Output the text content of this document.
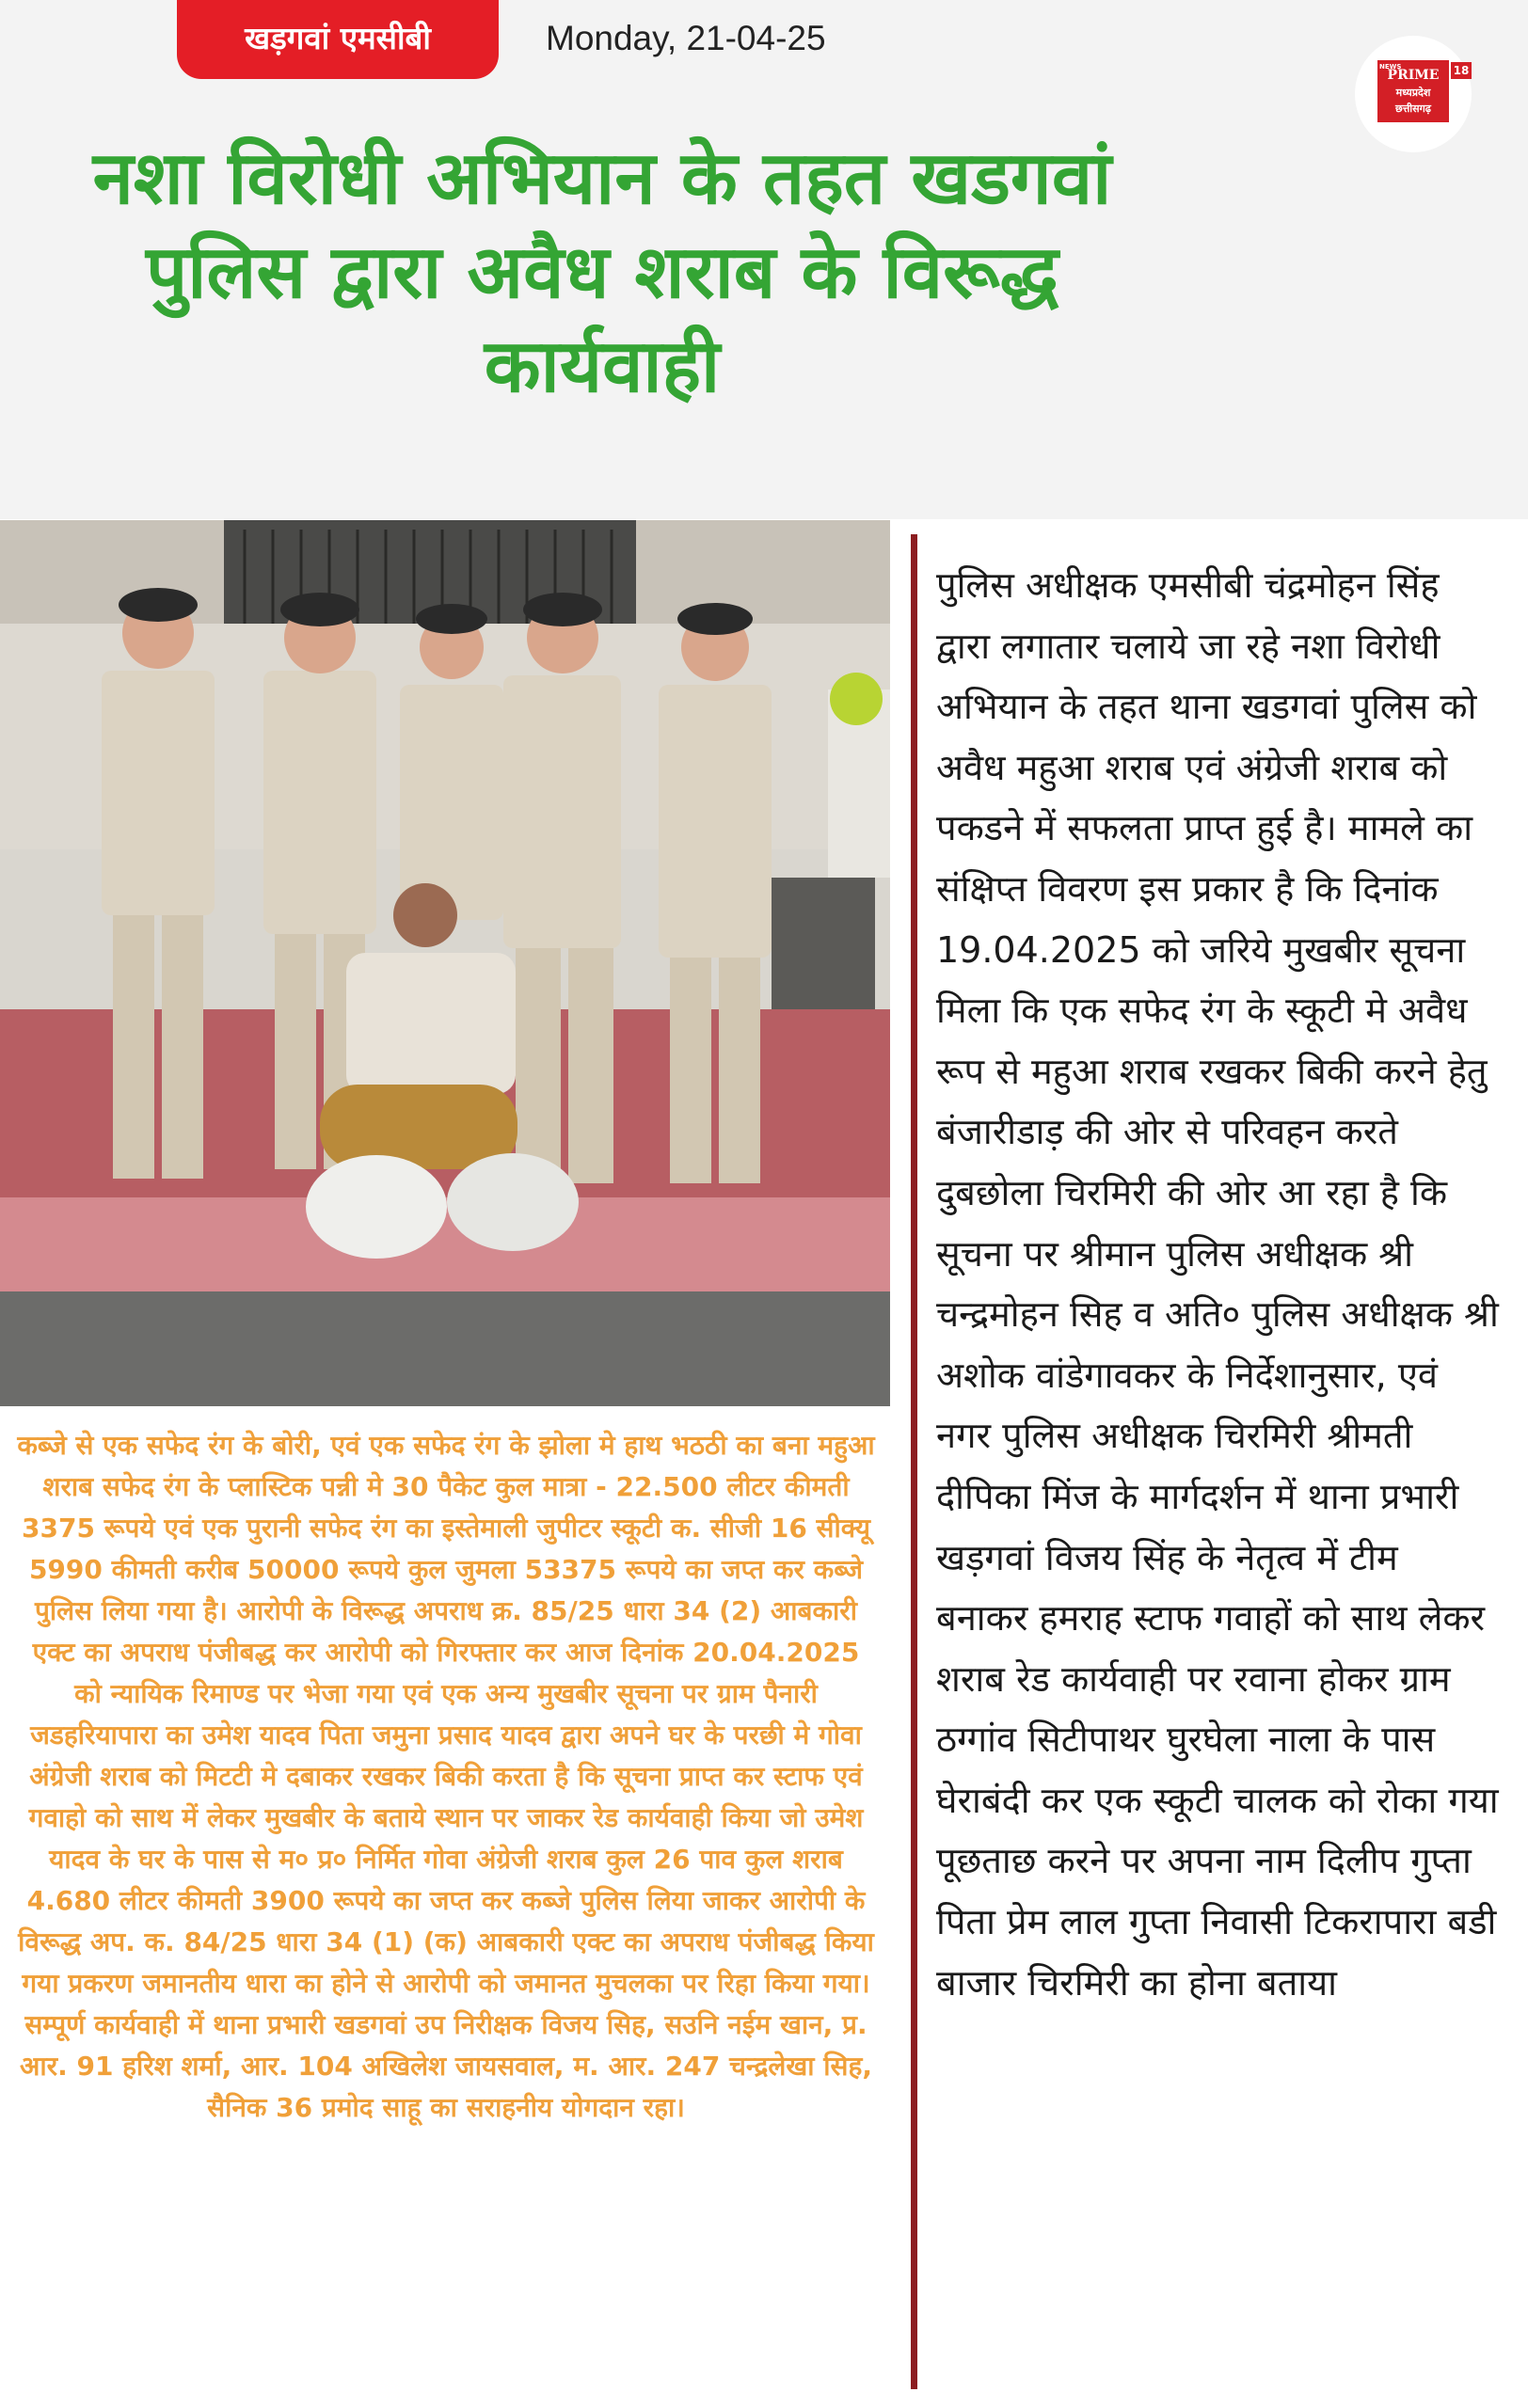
खड़गवां एमसीबी	Monday, 21-04-25
NEWS
PRIME
मध्यप्रदेश
छत्तीसगढ़
18
नशा विरोधी अभियान के तहत खडगवां पुलिस द्वारा अवैध शराब के विरूद्ध कार्यवाही

कब्जे से एक सफेद रंग के बोरी, एवं एक सफेद रंग के झोला मे हाथ भठठी का बना महुआ शराब सफेद रंग के प्लास्टिक पन्नी मे 30 पैकेट कुल मात्रा - 22.500 लीटर कीमती 3375 रूपये एवं एक पुरानी सफेद रंग का इस्तेमाली जुपीटर स्कूटी क. सीजी 16 सीक्यू 5990 कीमती करीब 50000 रूपये कुल जुमला 53375 रूपये का जप्त कर कब्जे पुलिस लिया गया है। आरोपी के विरूद्ध अपराध क्र. 85/25 धारा 34 (2) आबकारी एक्ट का अपराध पंजीबद्ध कर आरोपी को गिरफ्तार कर आज दिनांक 20.04.2025 को न्यायिक रिमाण्ड पर भेजा गया एवं एक अन्य मुखबीर सूचना पर ग्राम पैनारी जडहरियापारा का उमेश यादव पिता जमुना प्रसाद यादव द्वारा अपने घर के परछी मे गोवा अंग्रेजी शराब को मिटटी मे दबाकर रखकर बिकी करता है कि सूचना प्राप्त कर स्टाफ एवं गवाहो को साथ में लेकर मुखबीर के बताये स्थान पर जाकर रेड कार्यवाही किया जो उमेश यादव के घर के पास से म० प्र० निर्मित गोवा अंग्रेजी शराब कुल 26 पाव कुल शराब 4.680 लीटर कीमती 3900 रूपये का जप्त कर कब्जे पुलिस लिया जाकर आरोपी के विरूद्ध अप. क. 84/25 धारा 34 (1) (क) आबकारी एक्ट का अपराध पंजीबद्ध किया गया प्रकरण जमानतीय धारा का होने से आरोपी को जमानत मुचलका पर रिहा किया गया। सम्पूर्ण कार्यवाही में थाना प्रभारी खडगवां उप निरीक्षक विजय सिह, सउनि नईम खान, प्र. आर. 91 हरिश शर्मा, आर. 104 अखिलेश जायसवाल, म. आर. 247 चन्द्रलेखा सिह, सैनिक 36 प्रमोद साहू का सराहनीय योगदान रहा।

पुलिस अधीक्षक एमसीबी चंद्रमोहन सिंह द्वारा लगातार चलाये जा रहे नशा विरोधी अभियान के तहत थाना खडगवां पुलिस को अवैध महुआ शराब एवं अंग्रेजी शराब को पकडने में सफलता प्राप्त हुई है। मामले का संक्षिप्त विवरण इस प्रकार है कि दिनांक 19.04.2025 को जरिये मुखबीर सूचना मिला कि एक सफेद रंग के स्कूटी मे अवैध रूप से महुआ शराब रखकर बिकी करने हेतु बंजारीडाड़ की ओर से परिवहन करते दुबछोला चिरमिरी की ओर आ रहा है कि सूचना पर श्रीमान पुलिस अधीक्षक श्री चन्द्रमोहन सिह व अति० पुलिस अधीक्षक श्री अशोक वांडेगावकर के निर्देशानुसार, एवं नगर पुलिस अधीक्षक चिरमिरी श्रीमती दीपिका मिंज के मार्गदर्शन में थाना प्रभारी खड़गवां विजय सिंह के नेतृत्व में टीम बनाकर हमराह स्टाफ गवाहों को साथ लेकर शराब रेड कार्यवाही पर रवाना होकर ग्राम ठग्गांव सिटीपाथर घुरघेला नाला के पास घेराबंदी कर एक स्कूटी चालक को रोका गया पूछताछ करने पर अपना नाम दिलीप गुप्ता पिता प्रेम लाल गुप्ता निवासी टिकरापारा बडी बाजार चिरमिरी का होना बताया
